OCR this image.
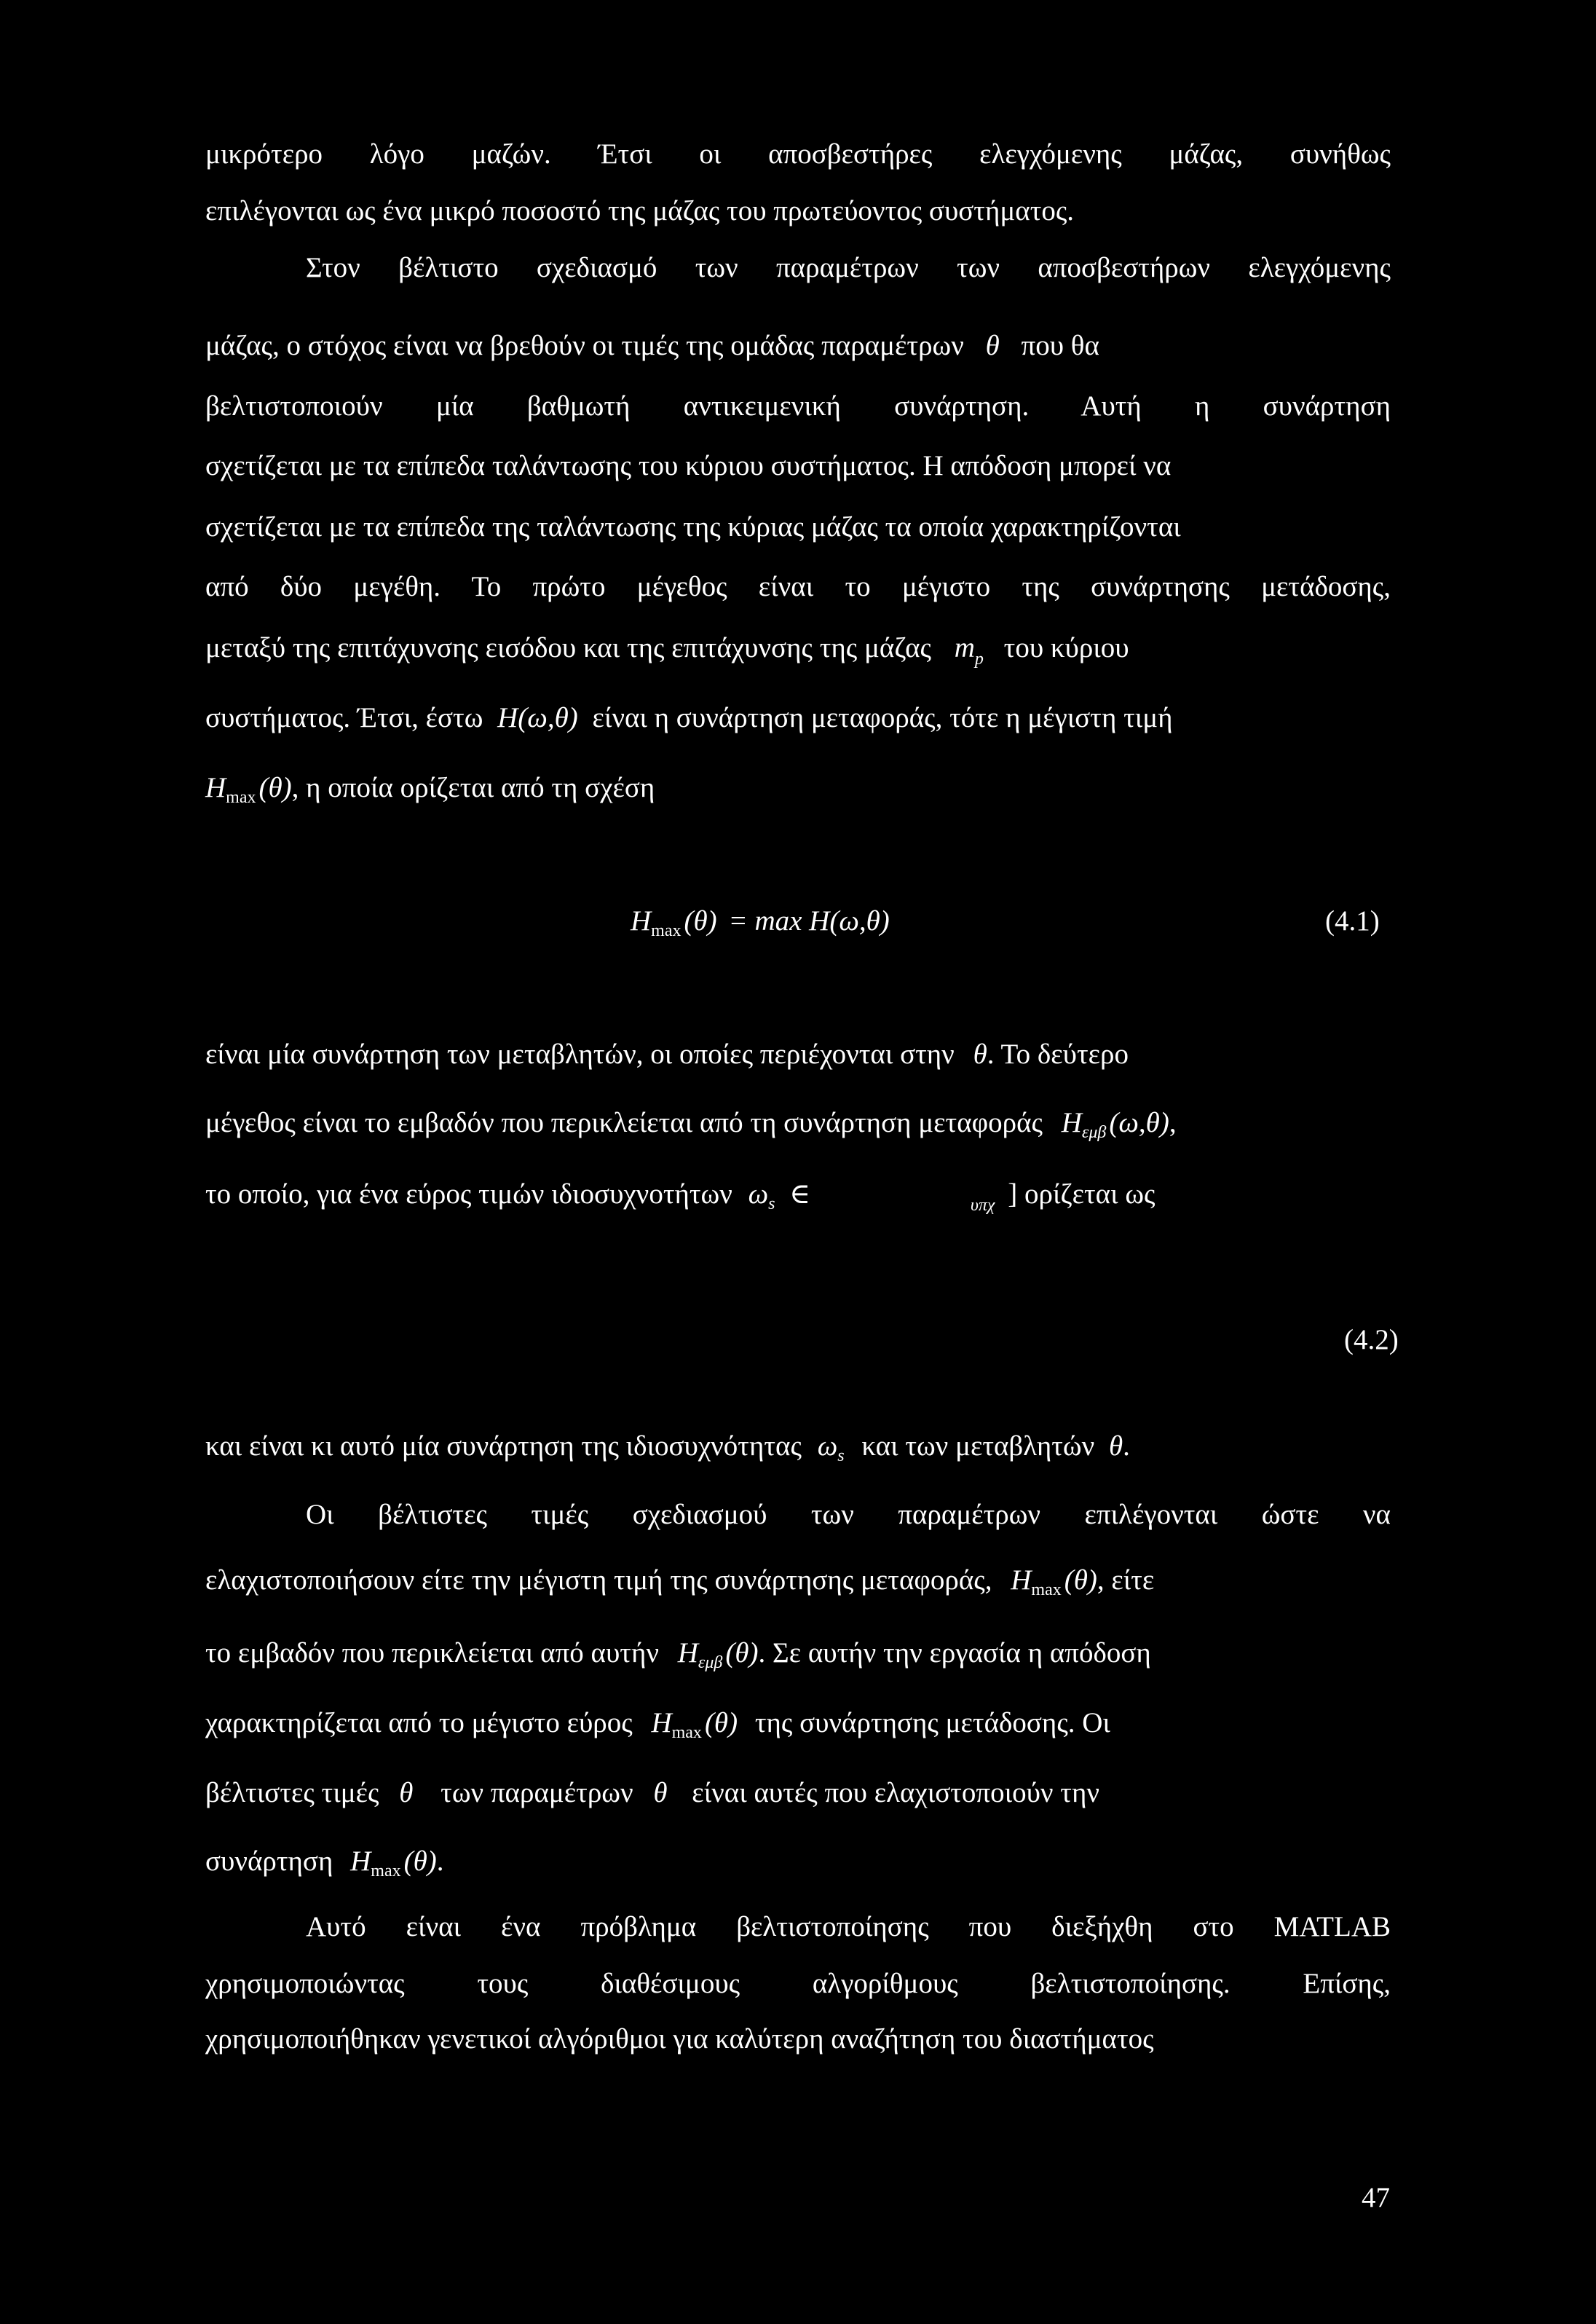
μικρότερο λόγο μαζών. Έτσι οι αποσβεστήρες ελεγχόμενης μάζας, συνήθως
επιλέγονται ως ένα μικρό ποσοστό της μάζας του πρωτεύοντος συστήματος.
Στον βέλτιστο σχεδιασμό των παραμέτρων των αποσβεστήρων ελεγχόμενης
μάζας, ο στόχος είναι να βρεθούν οι τιμές της ομάδας παραμέτρων θ που θα
βελτιστοποιούν μία βαθμωτή αντικειμενική συνάρτηση. Αυτή η συνάρτηση
σχετίζεται με τα επίπεδα ταλάντωσης του κύριου συστήματος. Η απόδοση μπορεί να
σχετίζεται με τα επίπεδα της ταλάντωσης της κύριας μάζας τα οποία χαρακτηρίζονται
από δύο μεγέθη. Το πρώτο μέγεθος είναι το μέγιστο της συνάρτησης μετάδοσης,
μεταξύ της επιτάχυνσης εισόδου και της επιτάχυνσης της μάζας $m_p$ του κύριου
συστήματος. Έτσι, έστω H(ω,θ) είναι η συνάρτηση μεταφοράς, τότε η μέγιστη τιμή
$H_{max}$ (θ), η οποία ορίζεται από τη σχέση
$H_{max}$ (θ) = max H(ω,θ)	(4.1)
είναι μία συνάρτηση των μεταβλητών, οι οποίες περιέχονται στην θ. Το δεύτερο
μέγεθος είναι το εμβαδόν που περικλείεται από τη συνάρτηση μεταφοράς $H_{\varepsilon\mu\beta}$ (ω,θ),
το οποίο, για ένα εύρος τιμών ιδιοσυχνοτήτων $\omega_s$ ∈	$_{\upsilon\pi\chi}$ ] ορίζεται ως
(4.2)
και είναι κι αυτό μία συνάρτηση της ιδιοσυχνότητας $\omega_s$ και των μεταβλητών θ.
Οι βέλτιστες τιμές σχεδιασμού των παραμέτρων επιλέγονται ώστε να
ελαχιστοποιήσουν είτε την μέγιστη τιμή της συνάρτησης μεταφοράς, $H_{max}$ (θ), είτε
το εμβαδόν που περικλείεται από αυτήν $H_{\varepsilon\mu\beta}$ (θ). Σε αυτήν την εργασία η απόδοση
χαρακτηρίζεται από το μέγιστο εύρος $H_{max}$ (θ) της συνάρτησης μετάδοσης. Οι
βέλτιστες τιμές θ των παραμέτρων θ είναι αυτές που ελαχιστοποιούν την
συνάρτηση $H_{max}$ (θ).
Αυτό είναι ένα πρόβλημα βελτιστοποίησης που διεξήχθη στο MATLAB
χρησιμοποιώντας τους διαθέσιμους αλγορίθμους βελτιστοποίησης. Επίσης,
χρησιμοποιήθηκαν γενετικοί αλγόριθμοι για καλύτερη αναζήτηση του διαστήματος
47
